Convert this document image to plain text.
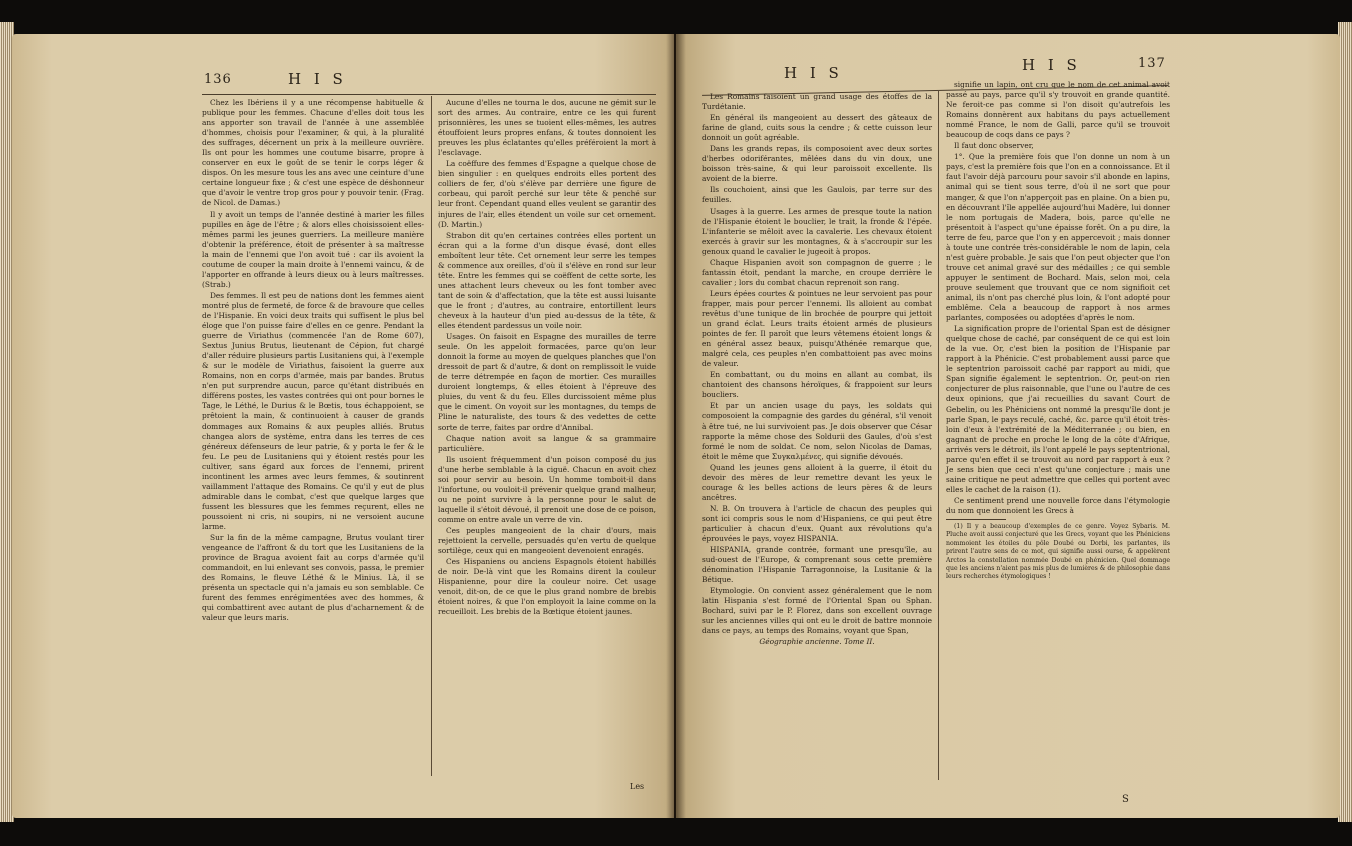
136	H I S

Chez les Ibériens il y a une récompense habituelle & publique pour les femmes. Chacune d'elles doit tous les ans apporter son travail de l'année à une assemblée d'hommes, choisis pour l'examiner, & qui, à la pluralité des suffrages, décernent un prix à la meilleure ouvrière. Ils ont pour les hommes une coutume bisarre, propre à conserver en eux le goût de se tenir le corps léger & dispos. On les mesure tous les ans avec une ceinture d'une certaine longueur fixe ; & c'est une espèce de déshonneur que d'avoir le ventre trop gros pour y pouvoir tenir. (Frag. de Nicol. de Damas.)

Il y avoit un temps de l'année destiné à marier les filles pupilles en âge de l'être ; & alors elles choisissoient elles-mêmes parmi les jeunes guerriers. La meilleure manière d'obtenir la préférence, étoit de présenter à sa maîtresse la main de l'ennemi que l'on avoit tué : car ils avoient la coutume de couper la main droite à l'ennemi vaincu, & de l'apporter en offrande à leurs dieux ou à leurs maîtresses. (Strab.)

Des femmes. Il est peu de nations dont les femmes aient montré plus de fermeté, de force & de bravoure que celles de l'Hispanie. En voici deux traits qui suffisent le plus bel éloge que l'on puisse faire d'elles en ce genre. Pendant la guerre de Viriathus (commencée l'an de Rome 607), Sextus Junius Brutus, lieutenant de Cépion, fut chargé d'aller réduire plusieurs partis Lusitaniens qui, à l'exemple & sur le modèle de Viriathus, faisoient la guerre aux Romains, non en corps d'armée, mais par bandes. Brutus n'en put surprendre aucun, parce qu'étant distribués en différens postes, les vastes contrées qui ont pour bornes le Tage, le Léthé, le Durius & le Bœtis, tous échappoient, se prêtoient la main, & continuoient à causer de grands dommages aux Romains & aux peuples alliés. Brutus changea alors de système, entra dans les terres de ces généreux défenseurs de leur patrie, & y porta le fer & le feu. Le peu de Lusitaniens qui y étoient restés pour les cultiver, sans égard aux forces de l'ennemi, prirent incontinent les armes avec leurs femmes, & soutinrent vaillamment l'attaque des Romains. Ce qu'il y eut de plus admirable dans le combat, c'est que quelque larges que fussent les blessures que les femmes reçurent, elles ne poussoient ni cris, ni soupirs, ni ne versoient aucune larme.

Sur la fin de la même campagne, Brutus voulant tirer vengeance de l'affront & du tort que les Lusitaniens de la province de Bragua avoient fait au corps d'armée qu'il commandoit, en lui enlevant ses convois, passa, le premier des Romains, le fleuve Léthé & le Minius. Là, il se présenta un spectacle qui n'a jamais eu son semblable. Ce furent des femmes enrégimentées avec des hommes, & qui combattirent avec autant de plus d'acharnement & de valeur que leurs maris.

Aucune d'elles ne tourna le dos, aucune ne gémit sur le sort des armes. Au contraire, entre ce les qui furent prisonnières, les unes se tuoient elles-mêmes, les autres étouffoient leurs propres enfans, & toutes donnoient les preuves les plus éclatantes qu'elles préféroient la mort à l'esclavage.

La coëffure des femmes d'Espagne a quelque chose de bien singulier : en quelques endroits elles portent des colliers de fer, d'où s'élève par derrière une figure de corbeau, qui paroît perché sur leur tête & penché sur leur front. Cependant quand elles veulent se garantir des injures de l'air, elles étendent un voile sur cet ornement. (D. Martin.)

Strabon dit qu'en certaines contrées elles portent un écran qui a la forme d'un disque évasé, dont elles emboîtent leur tête. Cet ornement leur serre les tempes & commence aux oreilles, d'où il s'élève en rond sur leur tête. Entre les femmes qui se coëffent de cette sorte, les unes attachent leurs cheveux ou les font tomber avec tant de soin & d'affectation, que la tête est aussi luisante que le front ; d'autres, au contraire, entortillent leurs cheveux à la hauteur d'un pied au-dessus de la tête, & elles étendent pardessus un voile noir.

Usages. On faisoit en Espagne des murailles de terre seule. On les appeloit formacées, parce qu'on leur donnoit la forme au moyen de quelques planches que l'on dressoit de part & d'autre, & dont on remplissoit le vuide de terre détrempée en façon de mortier. Ces murailles duroient longtemps, & elles étoient à l'épreuve des pluies, du vent & du feu. Elles durcissoient même plus que le ciment. On voyoit sur les montagnes, du temps de Pline le naturaliste, des tours & des vedettes de cette sorte de terre, faites par ordre d'Annibal.

Chaque nation avoit sa langue & sa grammaire particulière.

Ils usoient fréquemment d'un poison composé du jus d'une herbe semblable à la ciguë. Chacun en avoit chez soi pour servir au besoin. Un homme tomboit-il dans l'infortune, ou vouloit-il prévenir quelque grand malheur, ou ne point survivre à la personne pour le salut de laquelle il s'étoit dévoué, il prenoit une dose de ce poison, comme on entre avale un verre de vin.

Ces peuples mangeoient de la chair d'ours, mais rejettoient la cervelle, persuadés qu'en vertu de quelque sortilège, ceux qui en mangeoient devenoient enragés.

Ces Hispaniens ou anciens Espagnols étoient habillés de noir. De-là vint que les Romains dirent la couleur Hispanienne, pour dire la couleur noire. Cet usage venoit, dit-on, de ce que le plus grand nombre de brebis étoient noires, & que l'on employoit la laine comme on la recueilloit. Les brebis de la Bœtique étoient jaunes.

Les
H I S	H I S	137

Les Romains faisoient un grand usage des étoffes de la Turdétanie.

En général ils mangeoient au dessert des gâteaux de farine de gland, cuits sous la cendre ; & cette cuisson leur donnoit un goût agréable.

Dans les grands repas, ils composoient avec deux sortes d'herbes odoriférantes, mêlées dans du vin doux, une boisson très-saine, & qui leur paroissoit excellente. Ils avoient de la bierre.

Ils couchoient, ainsi que les Gaulois, par terre sur des feuilles.

Usages à la guerre. Les armes de presque toute la nation de l'Hispanie étoient le bouclier, le trait, la fronde & l'épée. L'infanterie se mêloit avec la cavalerie. Les chevaux étoient exercés à gravir sur les montagnes, & à s'accroupir sur les genoux quand le cavalier le jugeoit à propos.

Chaque Hispanien avoit son compagnon de guerre ; le fantassin étoit, pendant la marche, en croupe derrière le cavalier ; lors du combat chacun reprenoit son rang.

Leurs épées courtes & pointues ne leur servoient pas pour frapper, mais pour percer l'ennemi. Ils alloient au combat revêtus d'une tunique de lin brochée de pourpre qui jettoit un grand éclat. Leurs traits étoient armés de plusieurs pointes de fer. Il paroît que leurs vêtemens étoient longs & en général assez beaux, puisqu'Athénée remarque que, malgré cela, ces peuples n'en combattoient pas avec moins de valeur.

En combattant, ou du moins en allant au combat, ils chantoient des chansons héroïques, & frappoient sur leurs boucliers.

Et par un ancien usage du pays, les soldats qui composoient la compagnie des gardes du général, s'il venoit à être tué, ne lui survivoient pas. Je dois observer que César rapporte la même chose des Soldurii des Gaules, d'où s'est formé le nom de soldat. Ce nom, selon Nicolas de Damas, étoit le même que Συγκαλμένες, qui signifie dévoués.

Quand les jeunes gens alloient à la guerre, il étoit du devoir des mères de leur remettre devant les yeux le courage & les belles actions de leurs pères & de leurs ancêtres.

N. B. On trouvera à l'article de chacun des peuples qui sont ici compris sous le nom d'Hispaniens, ce qui peut être particulier à chacun d'eux. Quant aux révolutions qu'a éprouvées le pays, voyez HISPANIA.

HISPANIA, grande contrée, formant une presqu'île, au sud-ouest de l'Europe, & comprenant sous cette première dénomination l'Hispanie Tarragonnoise, la Lusitanie & la Bétique.

Etymologie. On convient assez généralement que le nom latin Hispania s'est formé de l'Oriental Span ou Sphan. Bochard, suivi par le P. Florez, dans son excellent ouvrage sur les anciennes villes qui ont eu le droit de battre monnoie dans ce pays, au temps des Romains, voyant que Span,

Géographie ancienne. Tome II.

signifie un lapin, ont cru que le nom de cet animal avoit passé au pays, parce qu'il s'y trouvoit en grande quantité. Ne feroit-ce pas comme si l'on disoit qu'autrefois les Romains donnèrent aux habitans du pays actuellement nommé France, le nom de Galli, parce qu'il se trouvoit beaucoup de coqs dans ce pays ?

Il faut donc observer,

1°. Que la première fois que l'on donne un nom à un pays, c'est la première fois que l'on en a connoissance. Et il faut l'avoir déjà parcouru pour savoir s'il abonde en lapins, animal qui se tient sous terre, d'où il ne sort que pour manger, & que l'on n'apperçoit pas en plaine. On a bien pu, en découvrant l'île appellée aujourd'hui Madère, lui donner le nom portugais de Madera, bois, parce qu'elle ne présentoit à l'aspect qu'une épaisse forêt. On a pu dire, la terre de feu, parce que l'on y en appercevoit ; mais donner à toute une contrée très-considérable le nom de lapin, cela n'est guère probable. Je sais que l'on peut objecter que l'on trouve cet animal gravé sur des médailles ; ce qui semble appuyer le sentiment de Bochard. Mais, selon moi, cela prouve seulement que trouvant que ce nom signifioit cet animal, ils n'ont pas cherché plus loin, & l'ont adopté pour emblême. Cela a beaucoup de rapport à nos armes parlantes, composées ou adoptées d'après le nom.

La signification propre de l'oriental Span est de désigner quelque chose de caché, par conséquent de ce qui est loin de la vue. Or, c'est bien la position de l'Hispanie par rapport à la Phénicie. C'est probablement aussi parce que le septentrion paroissoit caché par rapport au midi, que Span signifie également le septentrion. Or, peut-on rien conjecturer de plus raisonnable, que l'une ou l'autre de ces deux opinions, que j'ai recueillies du savant Court de Gebelin, ou les Phéniciens ont nommé la presqu'île dont je parle Span, le pays reculé, caché, &c. parce qu'il étoit très-loin d'eux à l'extrémité de la Méditerranée ; ou bien, en gagnant de proche en proche le long de la côte d'Afrique, arrivés vers le détroit, ils l'ont appelé le pays septentrional, parce qu'en effet il se trouvoit au nord par rapport à eux ? Je sens bien que ceci n'est qu'une conjecture ; mais une saine critique ne peut admettre que celles qui portent avec elles le cachet de la raison (1).

Ce sentiment prend une nouvelle force dans l'étymologie du nom que donnoient les Grecs à

(1) Il y a beaucoup d'exemples de ce genre. Voyez Sybaris. M. Pluche avoit aussi conjecturé que les Grecs, voyant que les Phéniciens nommoient les étoiles du pôle Doubé ou Dorbi, les parlantes, ils prirent l'autre sens de ce mot, qui signifie aussi ourse, & appelèrent Arctos la constellation nommée Doubé en phénicien. Quel dommage que les anciens n'aient pas mis plus de lumières & de philosophie dans leurs recherches étymologiques !

S
